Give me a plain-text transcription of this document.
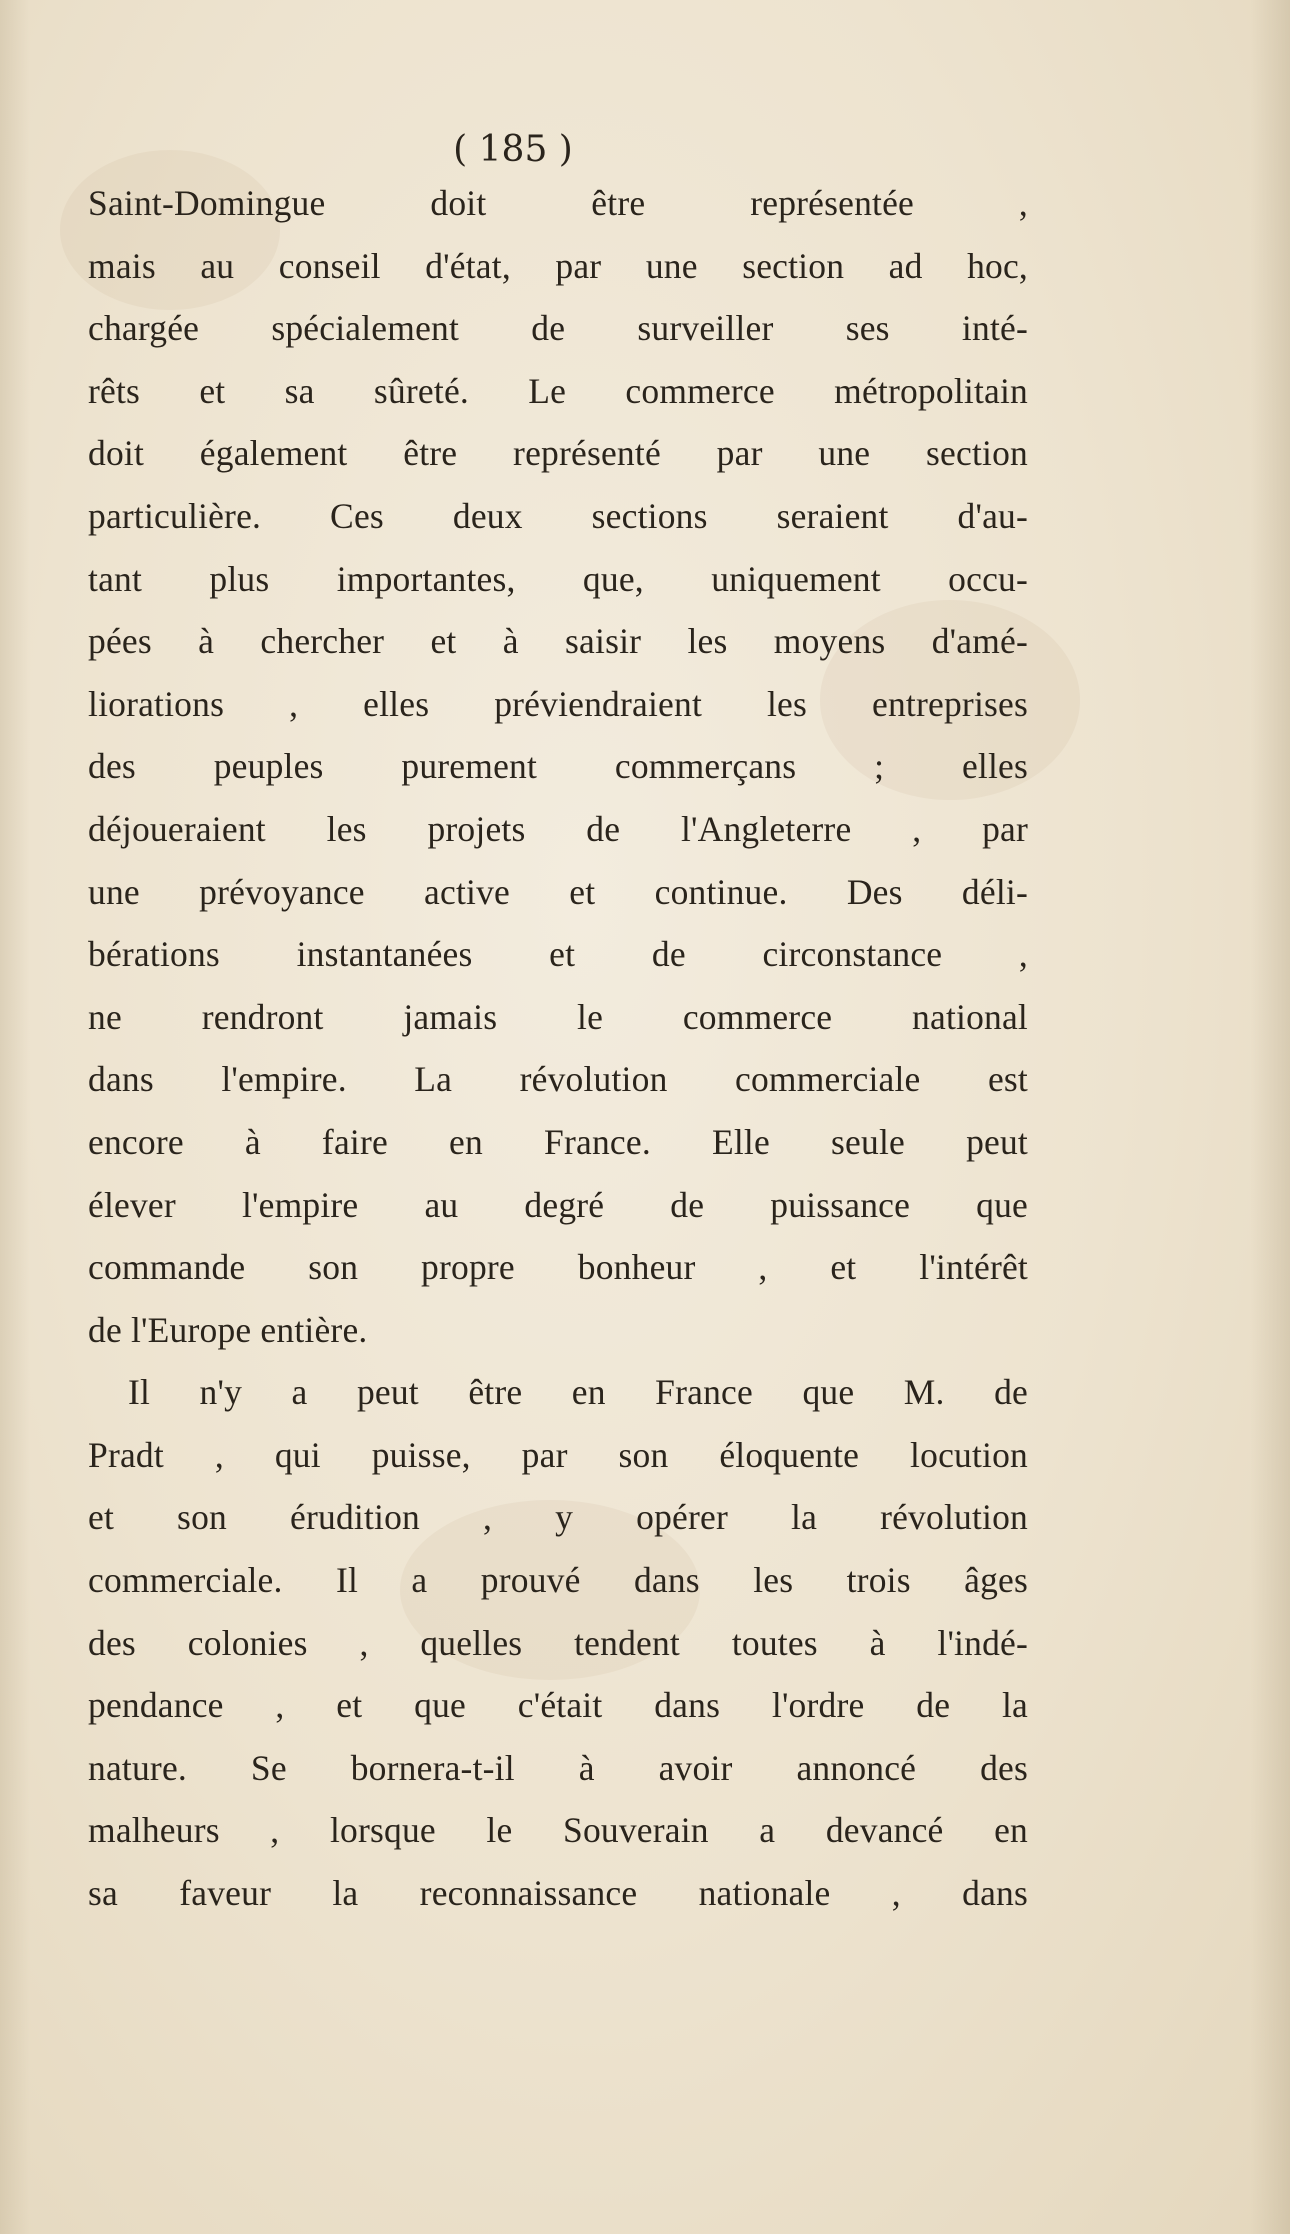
( 185 )
Saint-Domingue doit être représentée ,
mais au conseil d'état, par une section ad hoc,
chargée spécialement de surveiller ses inté-
rêts et sa sûreté. Le commerce métropolitain
doit également être représenté par une section
particulière. Ces deux sections seraient d'au-
tant plus importantes, que, uniquement occu-
pées à chercher et à saisir les moyens d'amé-
liorations , elles préviendraient les entreprises
des peuples purement commerçans ; elles
déjoueraient les projets de l'Angleterre , par
une prévoyance active et continue. Des déli-
bérations instantanées et de circonstance ,
ne rendront jamais le commerce national
dans l'empire. La révolution commerciale est
encore à faire en France. Elle seule peut
élever l'empire au degré de puissance que
commande son propre bonheur , et l'intérêt
de l'Europe entière.
Il n'y a peut être en France que M. de
Pradt , qui puisse, par son éloquente locution
et son érudition , y opérer la révolution
commerciale. Il a prouvé dans les trois âges
des colonies , quelles tendent toutes à l'indé-
pendance , et que c'était dans l'ordre de la
nature. Se bornera-t-il à avoir annoncé des
malheurs , lorsque le Souverain a devancé en
sa faveur la reconnaissance nationale , dans
